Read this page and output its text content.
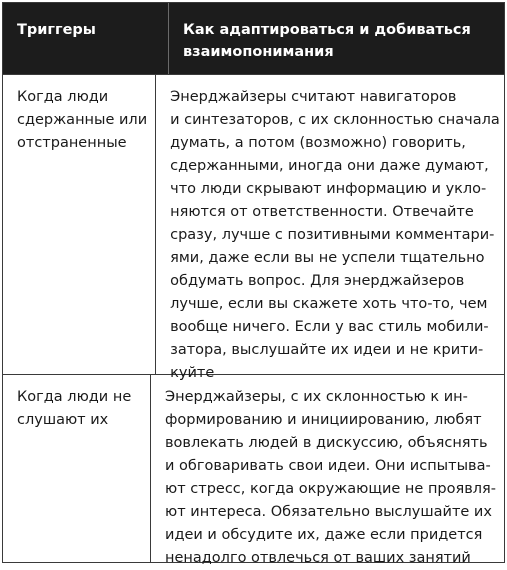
Триггеры	Как адаптироваться и добиваться
взаимопонимания
Когда люди
сдержанные или
отстраненные
Энерджайзеры считают навигаторов
и синтезаторов, с их склонностью сначала
думать, а потом (возможно) говорить,
сдержанными, иногда они даже думают,
что люди скрывают информацию и укло-
няются от ответственности. Отвечайте
сразу, лучше с позитивными комментари-
ями, даже если вы не успели тщательно
обдумать вопрос. Для энерджайзеров
лучше, если вы скажете хоть что-то, чем
вообще ничего. Если у вас стиль мобили-
затора, выслушайте их идеи и не крити-
куйте
Когда люди не
слушают их
Энерджайзеры, с их склонностью к ин-
формированию и инициированию, любят
вовлекать людей в дискуссию, объяснять
и обговаривать свои идеи. Они испытыва-
ют стресс, когда окружающие не проявля-
ют интереса. Обязательно выслушайте их
идеи и обсудите их, даже если придется
ненадолго отвлечься от ваших занятий
